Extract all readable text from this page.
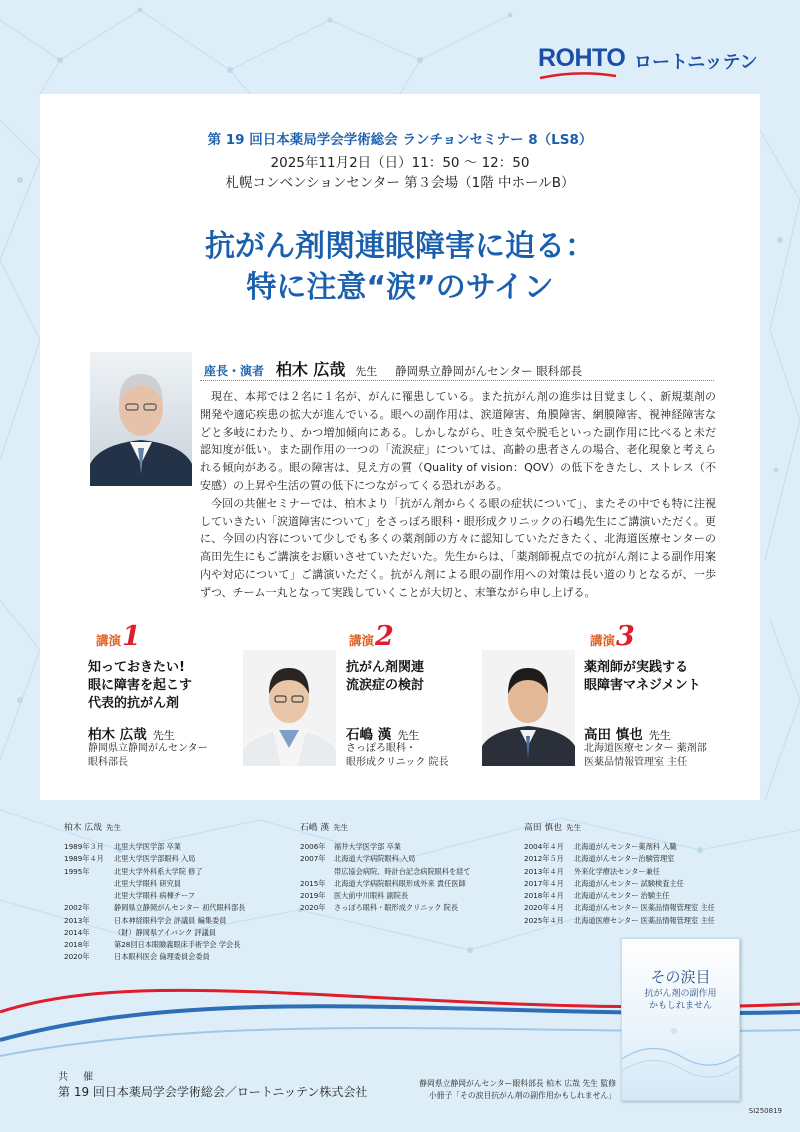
ROHTO ロートニッテン
第 19 回日本薬局学会学術総会 ランチョンセミナー 8（LS8）
2025年11月2日（日）11：50 ～ 12：50
札幌コンベンションセンター 第３会場（1階 中ホールB）
抗がん剤関連眼障害に迫る：
特に注意“涙”のサイン
座長・演者 柏木 広哉 先生 静岡県立静岡がんセンター 眼科部長

現在、本邦では２名に１名が、がんに罹患している。また抗がん剤の進歩は目覚ましく、新規薬剤の開発や適応疾患の拡大が進んでいる。眼への副作用は、涙道障害、角膜障害、網膜障害、視神経障害などと多岐にわたり、かつ増加傾向にある。しかしながら、吐き気や脱毛といった副作用に比べると未だ認知度が低い。また副作用の一つの「流涙症」については、高齢の患者さんの場合、老化現象と考えられる傾向がある。眼の障害は、見え方の質（Quality of vision：QOV）の低下をきたし、ストレス（不安感）の上昇や生活の質の低下につながってくる恐れがある。

今回の共催セミナーでは、柏木より「抗がん剤からくる眼の症状について」、またその中でも特に注視していきたい「涙道障害について」をさっぽろ眼科・眼形成クリニックの石嶋先生にご講演いただく。更に、今回の内容について少しでも多くの薬剤師の方々に認知していただきたく、北海道医療センターの高田先生にもご講演をお願いさせていただいた。先生からは、「薬剤師視点での抗がん剤による副作用案内や対応について」ご講演いただく。抗がん剤による眼の副作用への対策は長い道のりとなるが、一歩ずつ、チーム一丸となって実践していくことが大切と、末筆ながら申し上げる。

講演1
知っておきたい!
眼に障害を起こす
代表的抗がん剤
柏木 広哉 先生
静岡県立静岡がんセンター
眼科部長
講演2
抗がん剤関連
流涙症の検討
石嶋 漢 先生
さっぽろ眼科・
眼形成クリニック 院長
講演3
薬剤師が実践する
眼障害マネジメント
高田 慎也 先生
北海道医療センター 薬剤部
医薬品情報管理室 主任
柏木 広哉 先生
1989年３月 北里大学医学部 卒業
1989年４月 北里大学医学部眼科 入局
1995年	北里大学外科系大学院 修了
北里大学眼科 研究員
北里大学眼科 病棟チーフ
2002年	静岡県立静岡がんセンター 初代眼科部長
2013年	日本神経眼科学会 評議員 編集委員
2014年	（財）静岡県アイバンク 評議員
2018年	第28回日本眼瞼義眼床手術学会 学会長
2020年	日本眼科医会 倫理委員会委員
石嶋 漢 先生
2006年 福井大学医学部 卒業
2007年 北海道大学病院眼科 入局
帯広協会病院、時計台記念病院眼科を経て
2015年 北海道大学病院眼科眼形成外来 責任医師
2019年 医大前中川眼科 副院長
2020年 さっぽろ眼科・眼形成クリニック 院長
高田 慎也 先生
2004年４月 北海道がんセンター薬剤科 入職
2012年５月 北海道がんセンター治験管理室
2013年４月 外来化学療法センター兼任
2017年４月 北海道がんセンター 試験検査主任
2018年４月 北海道がんセンター 治験主任
2020年４月 北海道がんセンター 医薬品情報管理室 主任
2025年４月 北海道医療センター 医薬品情報管理室 主任
共 催
第 19 回日本薬局学会学術総会／ロートニッテン株式会社
その涙目
抗がん剤の副作用
かもしれません
静岡県立静岡がんセンター眼科部長 柏木 広哉 先生 監修
小冊子「その涙目抗がん剤の副作用かもしれません」
SI250819
